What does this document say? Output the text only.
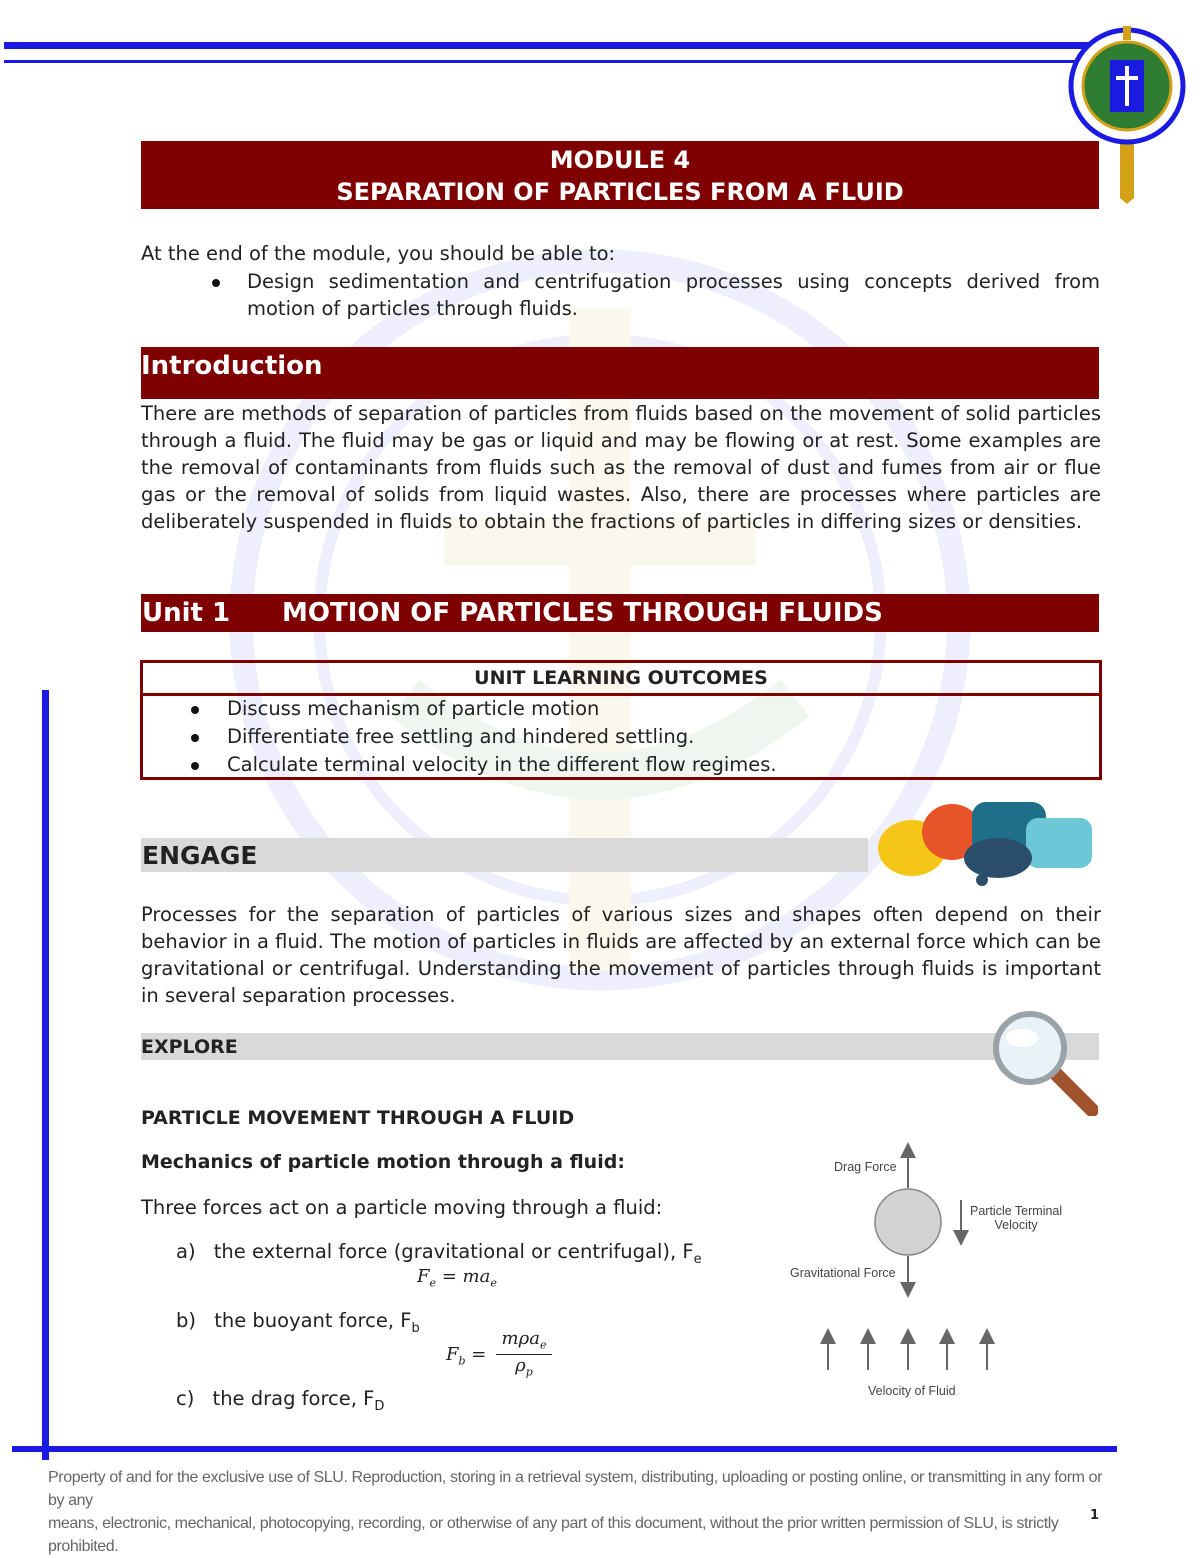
MODULE 4
SEPARATION OF PARTICLES FROM A FLUID
At the end of the module, you should be able to:
Design sedimentation and centrifugation processes using concepts derived from motion of particles through fluids.
Introduction
There are methods of separation of particles from fluids based on the movement of solid particles through a fluid. The fluid may be gas or liquid and may be flowing or at rest. Some examples are the removal of contaminants from fluids such as the removal of dust and fumes from air or flue gas or the removal of solids from liquid wastes. Also, there are processes where particles are deliberately suspended in fluids to obtain the fractions of particles in differing sizes or densities.
Unit 1 MOTION OF PARTICLES THROUGH FLUIDS
UNIT LEARNING OUTCOMES
Discuss mechanism of particle motion
Differentiate free settling and hindered settling.
Calculate terminal velocity in the different flow regimes.
ENGAGE
Processes for the separation of particles of various sizes and shapes often depend on their behavior in a fluid. The motion of particles in fluids are affected by an external force which can be gravitational or centrifugal. Understanding the movement of particles through fluids is important in several separation processes.
EXPLORE
PARTICLE MOVEMENT THROUGH A FLUID
Mechanics of particle motion through a fluid:
Three forces act on a particle moving through a fluid:
a) the external force (gravitational or centrifugal), $F_e$
$F_e = ma_e$
b) the buoyant force, $F_b$
$F_b$ =
mρa$_e$
$\rho_p$
c) the drag force, $F_D$
Drag Force
Particle Terminal
Velocity
Gravitational Force
Velocity of Fluid
Property of and for the exclusive use of SLU. Reproduction, storing in a retrieval system, distributing, uploading or posting online, or transmitting in any form or by any
means, electronic, mechanical, photocopying, recording, or otherwise of any part of this document, without the prior written permission of SLU, is strictly prohibited.
1
